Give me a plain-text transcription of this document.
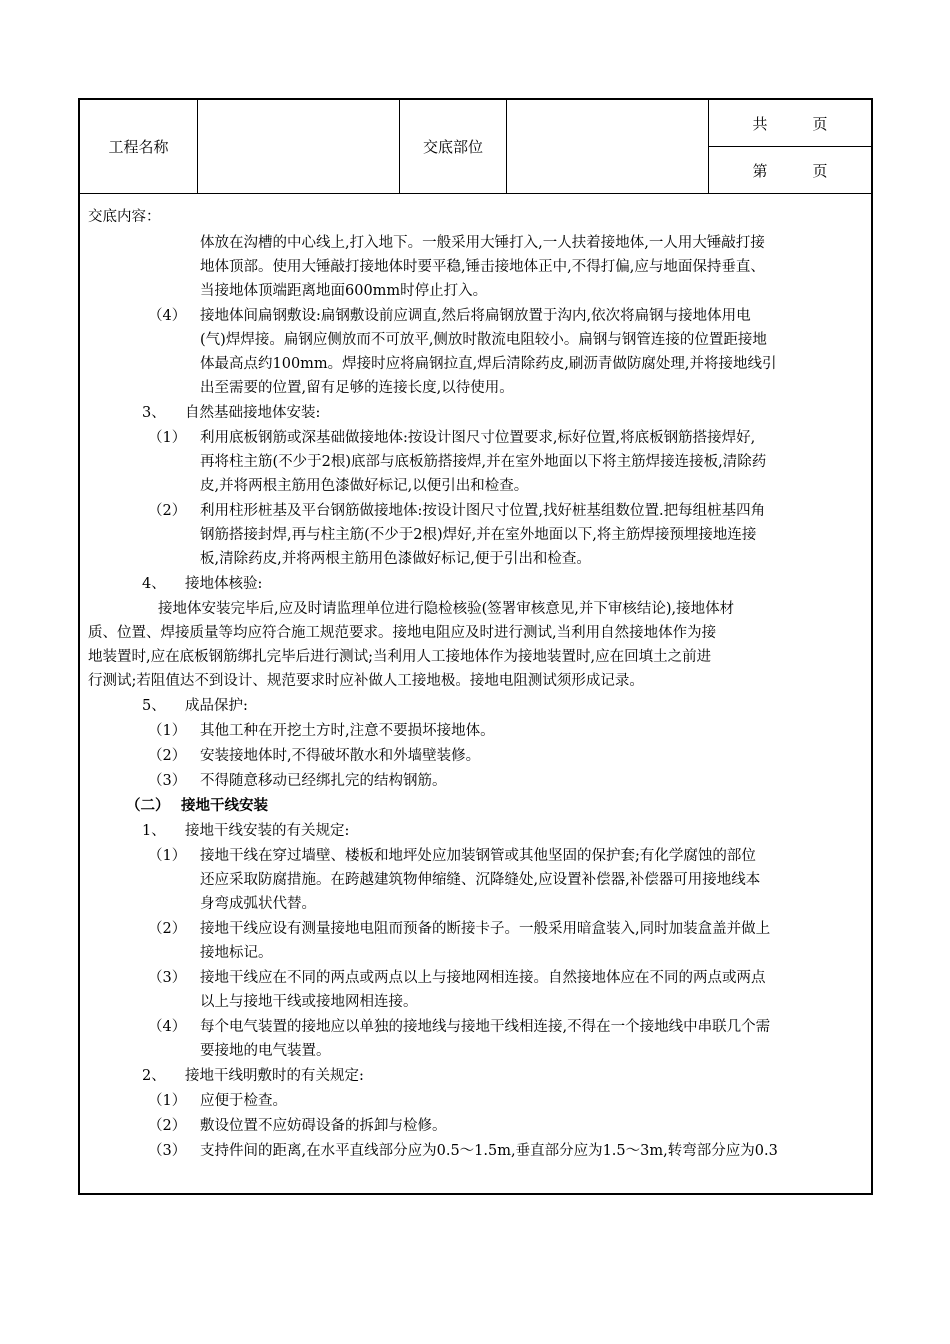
工程名称	交底部位
共　　　页
第　　　页
交底内容：
体放在沟槽的中心线上,打入地下。一般采用大锤打入,一人扶着接地体,一人用大锤敲打接
地体顶部。使用大锤敲打接地体时要平稳,锤击接地体正中,不得打偏,应与地面保持垂直、
当接地体顶端距离地面600mm时停止打入。
（4） 接地体间扁钢敷设:扁钢敷设前应调直,然后将扁钢放置于沟内,依次将扁钢与接地体用电
(气)焊焊接。扁钢应侧放而不可放平,侧放时散流电阻较小。扁钢与钢管连接的位置距接地
体最高点约100mm。焊接时应将扁钢拉直,焊后清除药皮,刷沥青做防腐处理,并将接地线引
出至需要的位置,留有足够的连接长度,以待使用。
3、 自然基础接地体安装:
（1） 利用底板钢筋或深基础做接地体:按设计图尺寸位置要求,标好位置,将底板钢筋搭接焊好,
再将柱主筋(不少于2根)底部与底板筋搭接焊,并在室外地面以下将主筋焊接连接板,清除药
皮,并将两根主筋用色漆做好标记,以便引出和检查。
（2） 利用柱形桩基及平台钢筋做接地体:按设计图尺寸位置,找好桩基组数位置.把每组桩基四角
钢筋搭接封焊,再与柱主筋(不少于2根)焊好,并在室外地面以下,将主筋焊接预埋接地连接
板,清除药皮,并将两根主筋用色漆做好标记,便于引出和检查。
4、 接地体核验:
接地体安装完毕后,应及时请监理单位进行隐检核验(签署审核意见,并下审核结论),接地体材
质、位置、焊接质量等均应符合施工规范要求。接地电阻应及时进行测试,当利用自然接地体作为接
地装置时,应在底板钢筋绑扎完毕后进行测试;当利用人工接地体作为接地装置时,应在回填土之前进
行测试;若阻值达不到设计、规范要求时应补做人工接地极。接地电阻测试须形成记录。
5、 成品保护:
（1） 其他工种在开挖土方时,注意不要损坏接地体。
（2） 安装接地体时,不得破坏散水和外墙壁装修。
（3） 不得随意移动已经绑扎完的结构钢筋。
（二） 接地干线安装
1、 接地干线安装的有关规定:
（1） 接地干线在穿过墙壁、楼板和地坪处应加装钢管或其他坚固的保护套;有化学腐蚀的部位
还应采取防腐措施。在跨越建筑物伸缩缝、沉降缝处,应设置补偿器,补偿器可用接地线本
身弯成弧状代替。
（2） 接地干线应设有测量接地电阻而预备的断接卡子。一般采用暗盒装入,同时加装盒盖并做上
接地标记。
（3） 接地干线应在不同的两点或两点以上与接地网相连接。自然接地体应在不同的两点或两点
以上与接地干线或接地网相连接。
（4） 每个电气装置的接地应以单独的接地线与接地干线相连接,不得在一个接地线中串联几个需
要接地的电气装置。
2、 接地干线明敷时的有关规定:
（1） 应便于检查。
（2） 敷设位置不应妨碍设备的拆卸与检修。
（3） 支持件间的距离,在水平直线部分应为0.5～1.5m,垂直部分应为1.5～3m,转弯部分应为0.3
